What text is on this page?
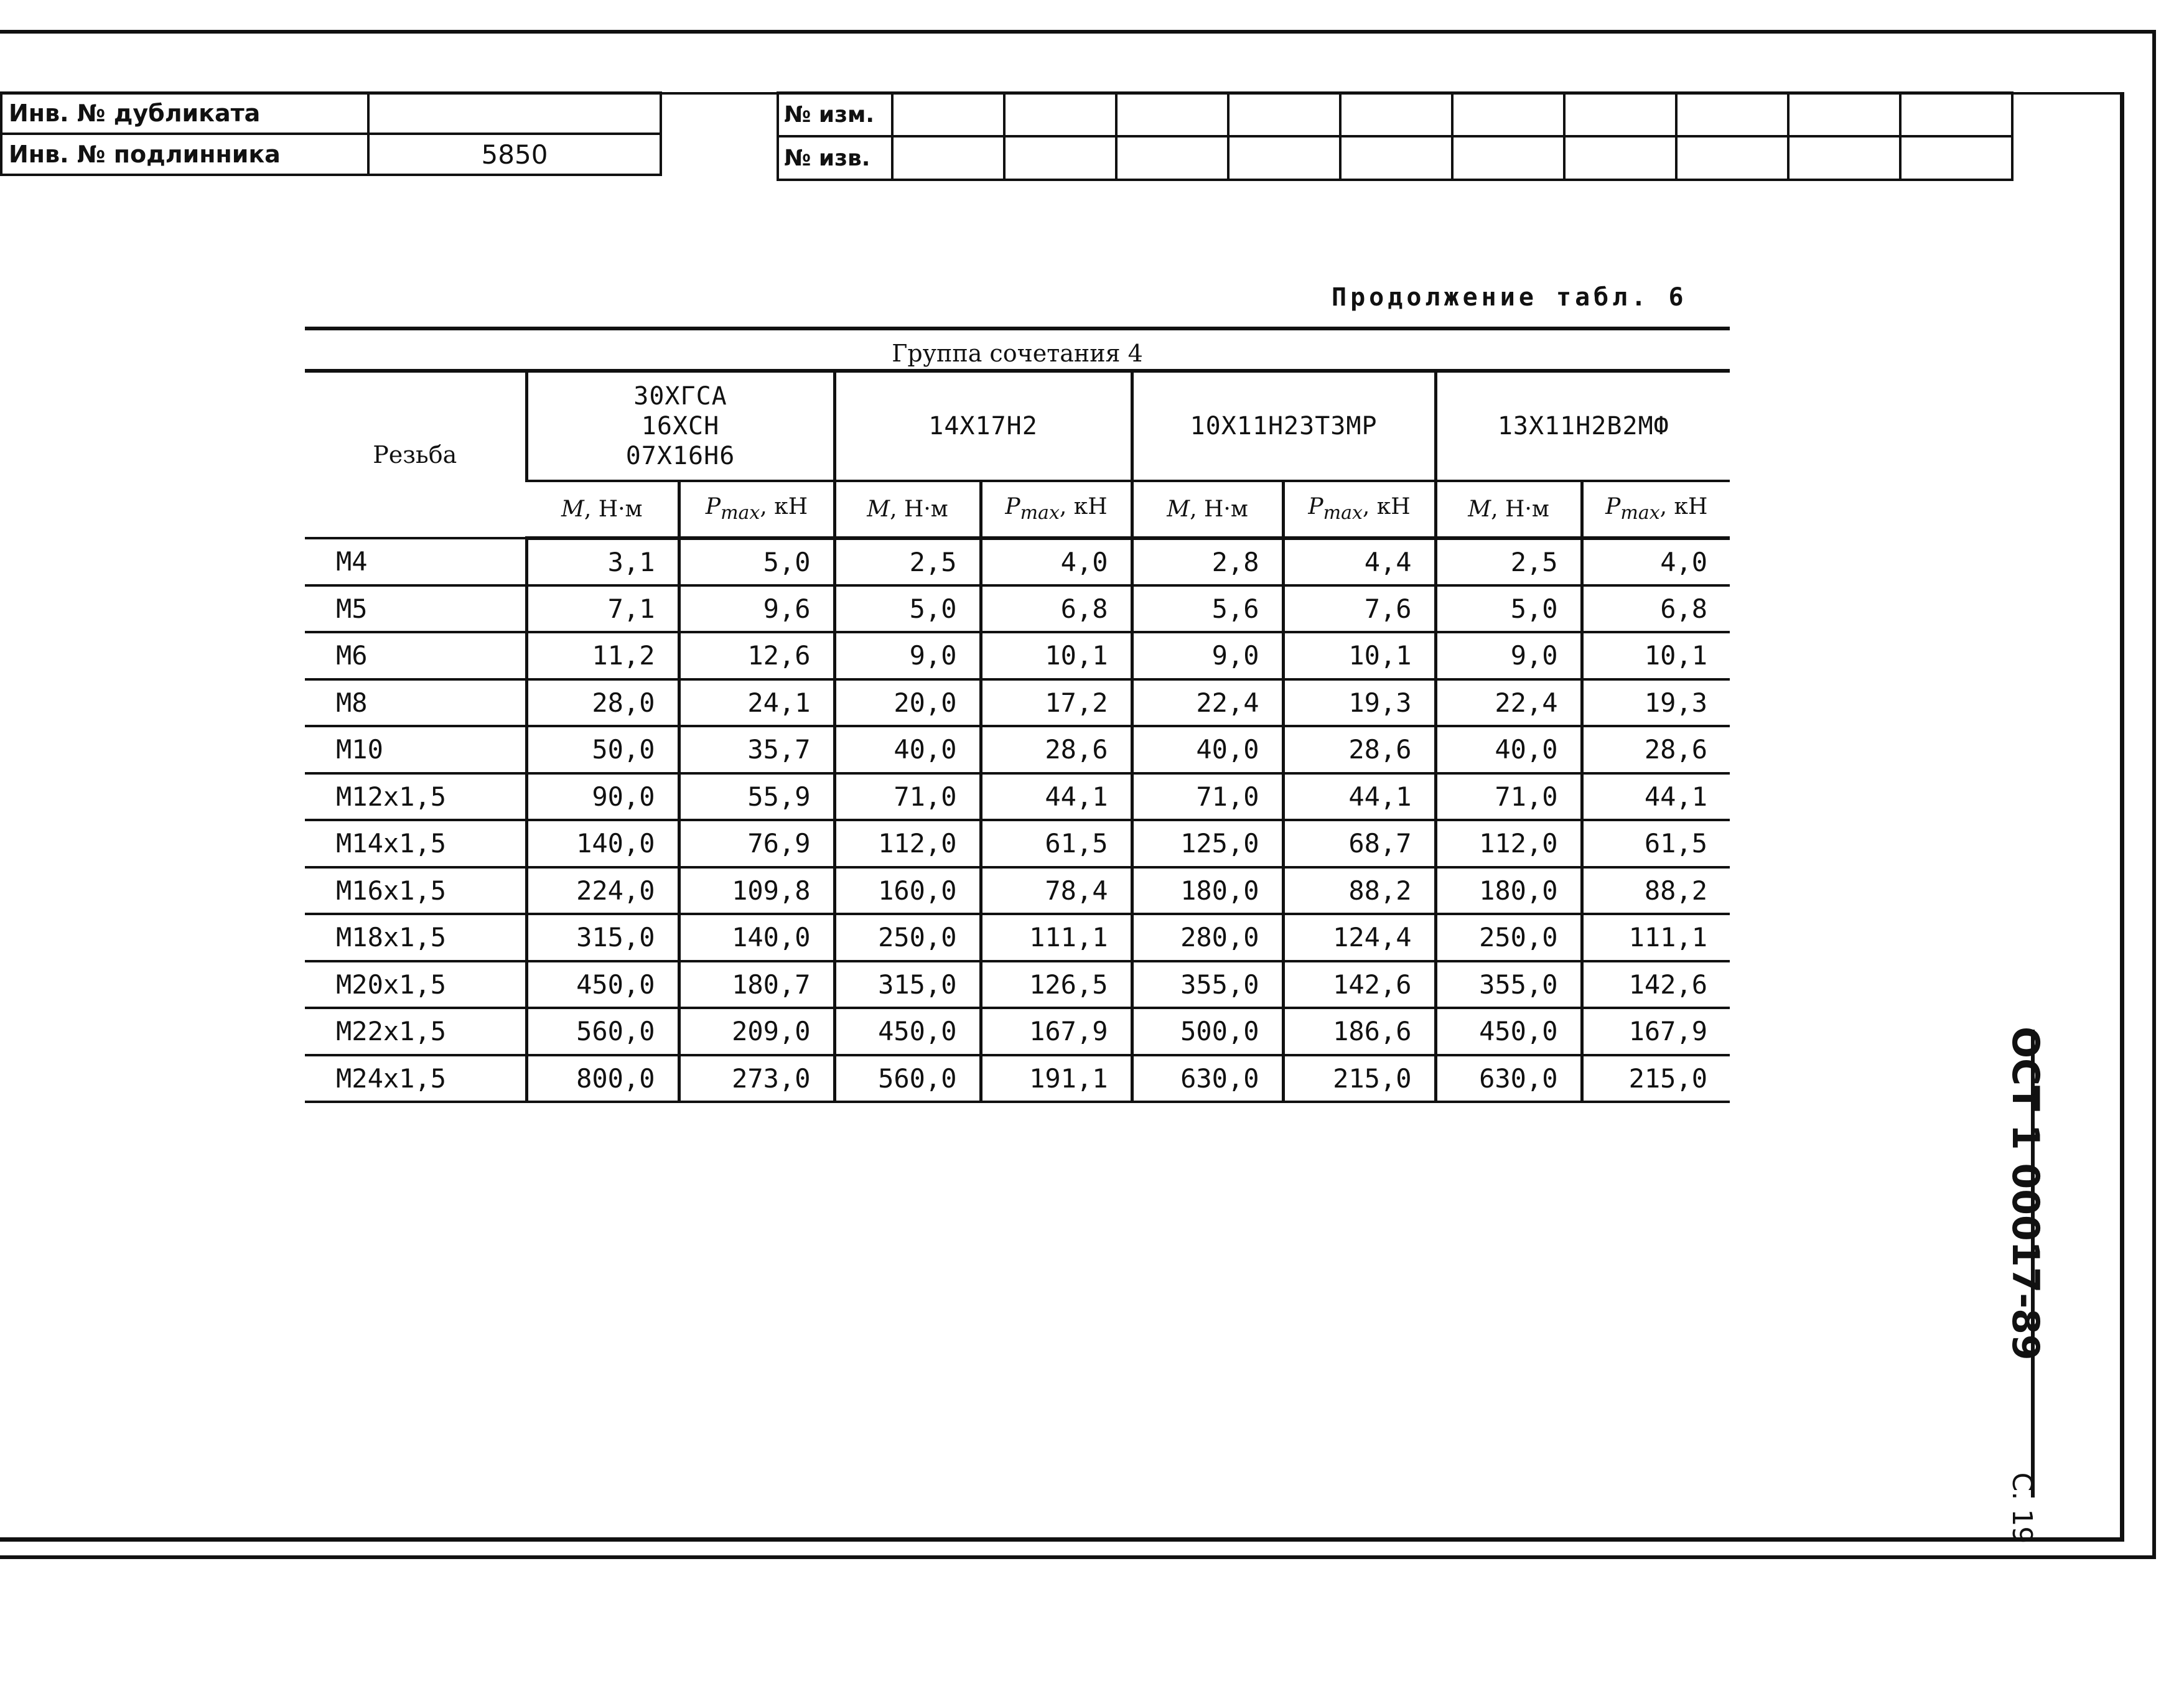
Инв. № дубликата	
Инв. № подлинника	5850
№ изм.										
№ изв.										
Продолжение табл. 6
Группа сочетания 4
Резьба	30ХГСА
16ХСН
07Х16Н6		14Х17Н2		10Х11Н23Т3МР		13Х11Н2В2МФ	

	M, Н·м	$P_{max}$, кН	M, Н·м	$P_{max}$, кН	M, Н·м	$P_{max}$, кН	M, Н·м	$P_{max}$, кН
M4	3,1	5,0	2,5	4,0	2,8	4,4	2,5	4,0
M5	7,1	9,6	5,0	6,8	5,6	7,6	5,0	6,8
M6	11,2	12,6	9,0	10,1	9,0	10,1	9,0	10,1
M8	28,0	24,1	20,0	17,2	22,4	19,3	22,4	19,3
M10	50,0	35,7	40,0	28,6	40,0	28,6	40,0	28,6
M12x1,5	90,0	55,9	71,0	44,1	71,0	44,1	71,0	44,1
M14x1,5	140,0	76,9	112,0	61,5	125,0	68,7	112,0	61,5
M16x1,5	224,0	109,8	160,0	78,4	180,0	88,2	180,0	88,2
M18x1,5	315,0	140,0	250,0	111,1	280,0	124,4	250,0	111,1
M20x1,5	450,0	180,7	315,0	126,5	355,0	142,6	355,0	142,6
M22x1,5	560,0	209,0	450,0	167,9	500,0	186,6	450,0	167,9
M24x1,5	800,0	273,0	560,0	191,1	630,0	215,0	630,0	215,0	ОСТ 1 00017-89С. 19
